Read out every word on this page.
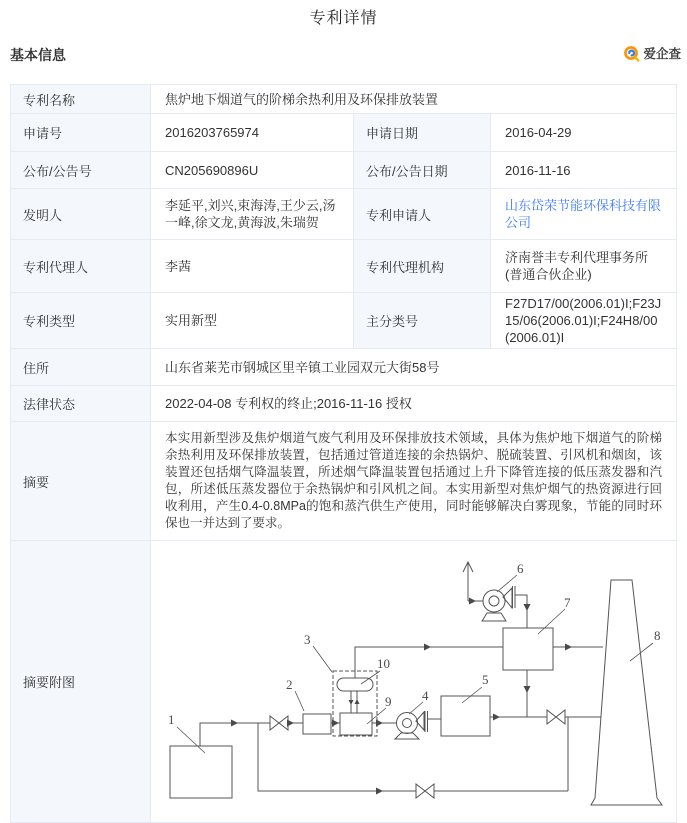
专利详情
基本信息	爱企查
专利名称	焦炉地下烟道气的阶梯余热利用及环保排放装置		
申请号	2016203765974	申请日期	2016-04-29
公布/公告号	CN205690896U	公布/公告日期	2016-11-16
发明人	李延平,刘兴,束海涛,王少云,汤一峰,徐文龙,黄海波,朱瑞贺	专利申请人	山东岱荣节能环保科技有限公司
专利代理人	李茜	专利代理机构	济南誉丰专利代理事务所(普通合伙企业)
专利类型	实用新型	主分类号	F27D17/00(2006.01)I;F23J15/06(2006.01)I;F24H8/00(2006.01)I
住所	山东省莱芜市钢城区里辛镇工业园双元大街58号		
法律状态	2022-04-08 专利权的终止;2016-11-16 授权		
摘要	本实用新型涉及焦炉烟道气废气利用及环保排放技术领域，具体为焦炉地下烟道气的阶梯余热利用及环保排放装置，包括通过管道连接的余热锅炉、脱硫装置、引风机和烟囱，该装置还包括烟气降温装置，所述烟气降温装置包括通过上升下降管连接的低压蒸发器和汽包，所述低压蒸发器位于余热锅炉和引风机之间。本实用新型对焦炉烟气的热资源进行回收利用，产生0.4-0.8MPa的饱和蒸汽供生产使用，同时能够解决白雾现象，节能的同时环保也一并达到了要求。		
摘要附图	
1
2
3
4
5
6
7
8
9
10
